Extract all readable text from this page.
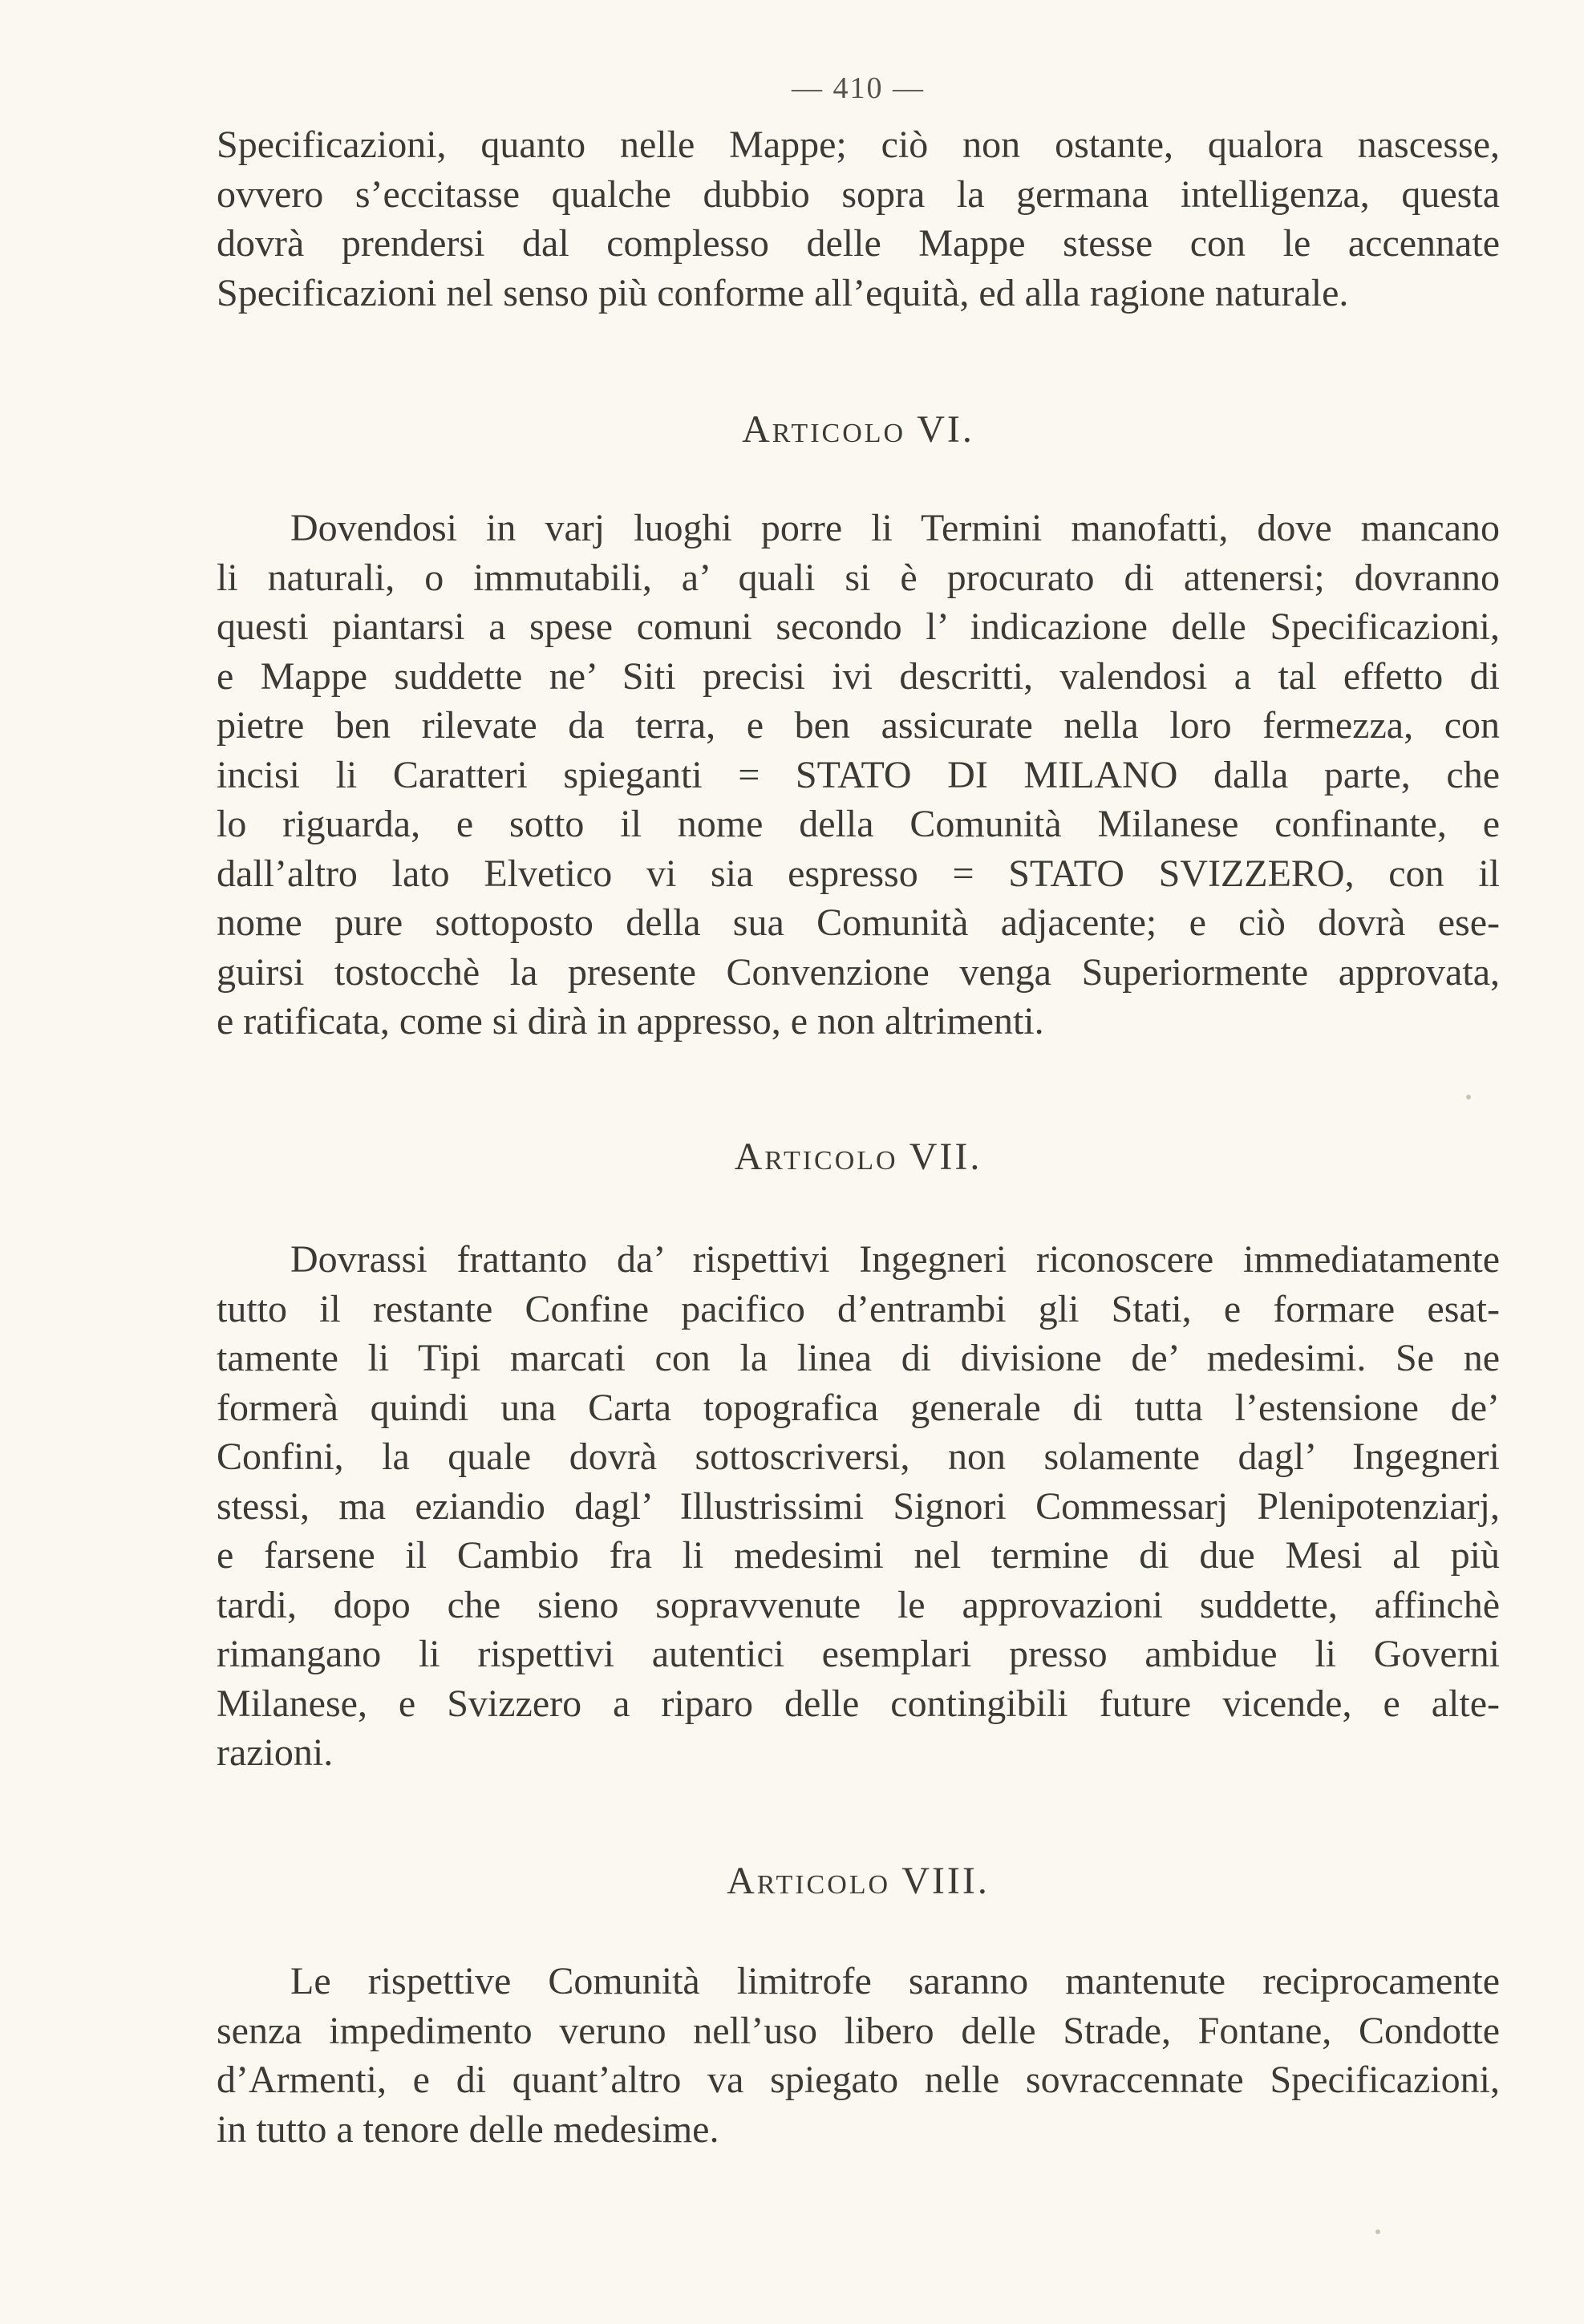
— 410 —

Specificazioni, quanto nelle Mappe; ciò non ostante, qualora nascesse,
ovvero s’eccitasse qualche dubbio sopra la germana intelligenza, questa
dovrà prendersi dal complesso delle Mappe stesse con le accennate
Specificazioni nel senso più conforme all’equità, ed alla ragione naturale.

Articolo VI.

Dovendosi in varj luoghi porre li Termini manofatti, dove mancano
li naturali, o immutabili, a’ quali si è procurato di attenersi; dovranno
questi piantarsi a spese comuni secondo l’ indicazione delle Specificazioni,
e Mappe suddette ne’ Siti precisi ivi descritti, valendosi a tal effetto di
pietre ben rilevate da terra, e ben assicurate nella loro fermezza, con
incisi li Caratteri spieganti = STATO DI MILANO dalla parte, che
lo riguarda, e sotto il nome della Comunità Milanese confinante, e
dall’altro lato Elvetico vi sia espresso = STATO SVIZZERO, con il
nome pure sottoposto della sua Comunità adjacente; e ciò dovrà ese-
guirsi tostocchè la presente Convenzione venga Superiormente approvata,
e ratificata, come si dirà in appresso, e non altrimenti.

Articolo VII.

Dovrassi frattanto da’ rispettivi Ingegneri riconoscere immediatamente
tutto il restante Confine pacifico d’entrambi gli Stati, e formare esat-
tamente li Tipi marcati con la linea di divisione de’ medesimi. Se ne
formerà quindi una Carta topografica generale di tutta l’estensione de’
Confini, la quale dovrà sottoscriversi, non solamente dagl’ Ingegneri
stessi, ma eziandio dagl’ Illustrissimi Signori Commessarj Plenipotenziarj,
e farsene il Cambio fra li medesimi nel termine di due Mesi al più
tardi, dopo che sieno sopravvenute le approvazioni suddette, affinchè
rimangano li rispettivi autentici esemplari presso ambidue li Governi
Milanese, e Svizzero a riparo delle contingibili future vicende, e alte-
razioni.

Articolo VIII.

Le rispettive Comunità limitrofe saranno mantenute reciprocamente
senza impedimento veruno nell’uso libero delle Strade, Fontane, Condotte
d’Armenti, e di quant’altro va spiegato nelle sovraccennate Specificazioni,
in tutto a tenore delle medesime.
